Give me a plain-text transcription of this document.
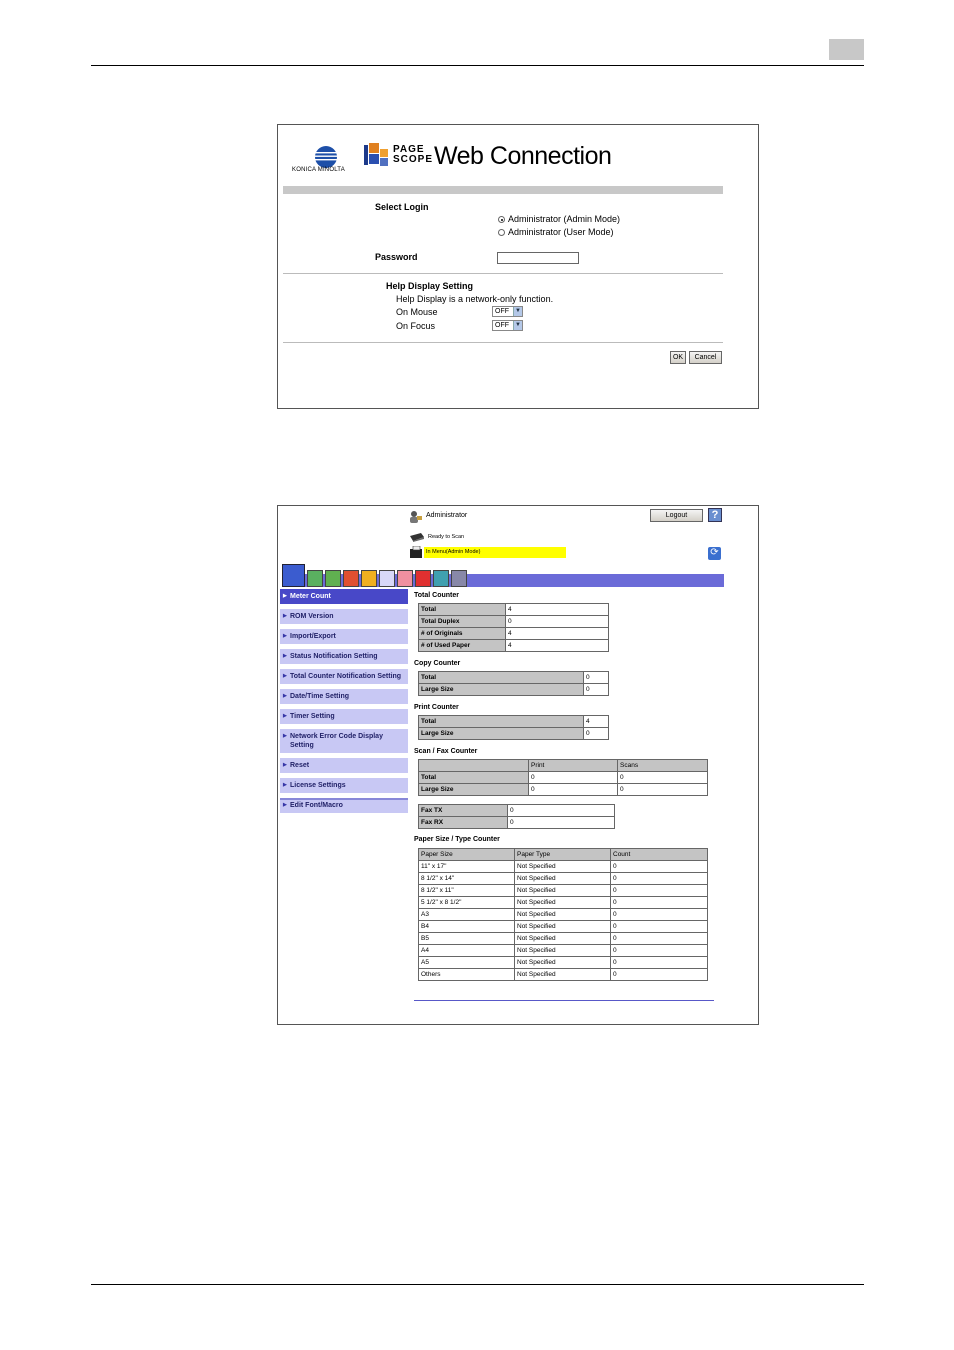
KONICA MINOLTA
PAGE SCOPE Web Connection
Select Login
Administrator (Admin Mode)
Administrator (User Mode)
Password
Help Display Setting
Help Display is a network-only function.
On Mouse	OFF	▼
On Focus	OFF	▼
OK	Cancel
Administrator	Logout	?
Ready to Scan
In Menu(Admin Mode)	⟳
▶ Meter Count
▶ ROM Version
▶ Import/Export
▶ Status Notification Setting
▶ Total Counter Notification Setting
▶ Date/Time Setting
▶ Timer Setting
▶ Network Error Code Display Setting
▶ Reset
▶ License Settings
▶ Edit Font/Macro
Total Counter
Total	4
Total Duplex	0
# of Originals	4
# of Used Paper	4
Copy Counter
Total	0
Large Size	0
Print Counter
Total	4
Large Size	0
Scan / Fax Counter
	Print	Scans
Total	0	0
Large Size	0	0
Fax TX	0
Fax RX	0
Paper Size / Type Counter
Paper Size	Paper Type	Count
11" x 17"	Not Specified	0
8 1/2" x 14"	Not Specified	0
8 1/2" x 11"	Not Specified	0
5 1/2" x 8 1/2"	Not Specified	0
A3	Not Specified	0
B4	Not Specified	0
B5	Not Specified	0
A4	Not Specified	0
A5	Not Specified	0
Others	Not Specified	0
